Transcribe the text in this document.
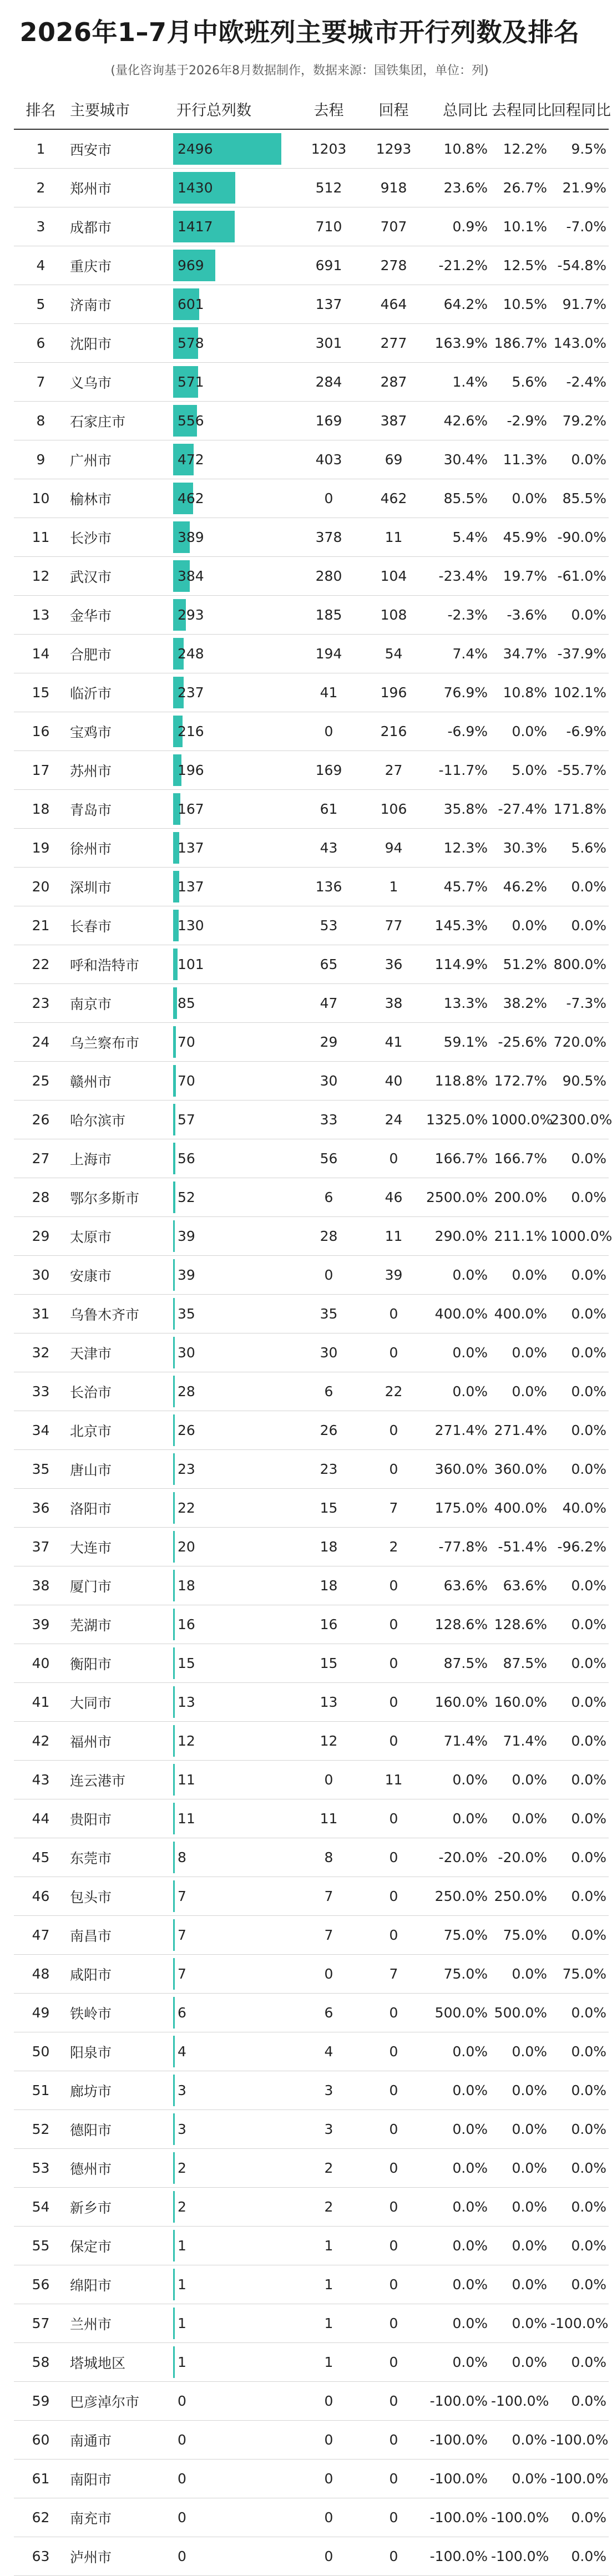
2026年1–7月中欧班列主要城市开行列数及排名
(量化咨询基于2026年8月数据制作，数据来源：国铁集团，单位：列)
排名	主要城市	开行总列数	去程	回程	总同比	去程同比	回程同比
1	西安市	2496	1203	1293	10.8%	12.2%	9.5%
2	郑州市	1430	512	918	23.6%	26.7%	21.9%
3	成都市	1417	710	707	0.9%	10.1%	-7.0%
4	重庆市	969	691	278	-21.2%	12.5%	-54.8%
5	济南市	601	137	464	64.2%	10.5%	91.7%
6	沈阳市	578	301	277	163.9%	186.7%	143.0%
7	义乌市	571	284	287	1.4%	5.6%	-2.4%
8	石家庄市	556	169	387	42.6%	-2.9%	79.2%
9	广州市	472	403	69	30.4%	11.3%	0.0%
10	榆林市	462	0	462	85.5%	0.0%	85.5%
11	长沙市	389	378	11	5.4%	45.9%	-90.0%
12	武汉市	384	280	104	-23.4%	19.7%	-61.0%
13	金华市	293	185	108	-2.3%	-3.6%	0.0%
14	合肥市	248	194	54	7.4%	34.7%	-37.9%
15	临沂市	237	41	196	76.9%	10.8%	102.1%
16	宝鸡市	216	0	216	-6.9%	0.0%	-6.9%
17	苏州市	196	169	27	-11.7%	5.0%	-55.7%
18	青岛市	167	61	106	35.8%	-27.4%	171.8%
19	徐州市	137	43	94	12.3%	30.3%	5.6%
20	深圳市	137	136	1	45.7%	46.2%	0.0%
21	长春市	130	53	77	145.3%	0.0%	0.0%
22	呼和浩特市	101	65	36	114.9%	51.2%	800.0%
23	南京市	85	47	38	13.3%	38.2%	-7.3%
24	乌兰察布市	70	29	41	59.1%	-25.6%	720.0%
25	赣州市	70	30	40	118.8%	172.7%	90.5%
26	哈尔滨市	57	33	24	1325.0%	1000.0%	2300.0%
27	上海市	56	56	0	166.7%	166.7%	0.0%
28	鄂尔多斯市	52	6	46	2500.0%	200.0%	0.0%
29	太原市	39	28	11	290.0%	211.1%	1000.0%
30	安康市	39	0	39	0.0%	0.0%	0.0%
31	乌鲁木齐市	35	35	0	400.0%	400.0%	0.0%
32	天津市	30	30	0	0.0%	0.0%	0.0%
33	长治市	28	6	22	0.0%	0.0%	0.0%
34	北京市	26	26	0	271.4%	271.4%	0.0%
35	唐山市	23	23	0	360.0%	360.0%	0.0%
36	洛阳市	22	15	7	175.0%	400.0%	40.0%
37	大连市	20	18	2	-77.8%	-51.4%	-96.2%
38	厦门市	18	18	0	63.6%	63.6%	0.0%
39	芜湖市	16	16	0	128.6%	128.6%	0.0%
40	衡阳市	15	15	0	87.5%	87.5%	0.0%
41	大同市	13	13	0	160.0%	160.0%	0.0%
42	福州市	12	12	0	71.4%	71.4%	0.0%
43	连云港市	11	0	11	0.0%	0.0%	0.0%
44	贵阳市	11	11	0	0.0%	0.0%	0.0%
45	东莞市	8	8	0	-20.0%	-20.0%	0.0%
46	包头市	7	7	0	250.0%	250.0%	0.0%
47	南昌市	7	7	0	75.0%	75.0%	0.0%
48	咸阳市	7	0	7	75.0%	0.0%	75.0%
49	铁岭市	6	6	0	500.0%	500.0%	0.0%
50	阳泉市	4	4	0	0.0%	0.0%	0.0%
51	廊坊市	3	3	0	0.0%	0.0%	0.0%
52	德阳市	3	3	0	0.0%	0.0%	0.0%
53	德州市	2	2	0	0.0%	0.0%	0.0%
54	新乡市	2	2	0	0.0%	0.0%	0.0%
55	保定市	1	1	0	0.0%	0.0%	0.0%
56	绵阳市	1	1	0	0.0%	0.0%	0.0%
57	兰州市	1	1	0	0.0%	0.0%	-100.0%
58	塔城地区	1	1	0	0.0%	0.0%	0.0%
59	巴彦淖尔市	0	0	0	-100.0%	-100.0%	0.0%
60	南通市	0	0	0	-100.0%	0.0%	-100.0%
61	南阳市	0	0	0	-100.0%	0.0%	-100.0%
62	南充市	0	0	0	-100.0%	-100.0%	0.0%
63	泸州市	0	0	0	-100.0%	-100.0%	0.0%
